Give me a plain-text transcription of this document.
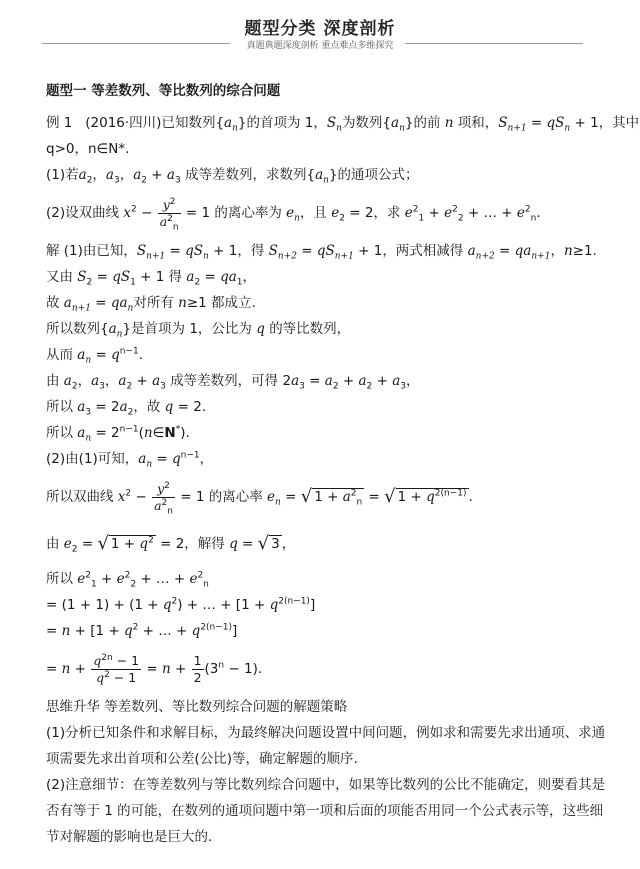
题型分类 深度剖析
真题典题深度剖析 重点难点多维探究
题型一 等差数列、等比数列的综合问题
例 1 (2016·四川)已知数列$\{a_n\}$的首项为 1，$S_n$为数列$\{a_n\}$的前 n 项和，$S_{n+1} = qS_n + 1$，其中
q>0，n∈N*.
(1)若$a_2$，$a_3$，$a_2 + a_3$ 成等差数列，求数列$\{a_n\}$的通项公式；
(2)设双曲线 $x^2 - \frac{y^2}{a^2_n} = 1$ 的离心率为 $e_n$，且 $e_2 = 2$，求 $e^2_1 + e^2_2$ + … + $e^2_n$.
解 (1)由已知，$S_{n+1} = qS_n + 1$，得 $S_{n+2} = qS_{n+1} + 1$，两式相减得 $a_{n+2} = qa_{n+1}$，n≥1.
又由 $S_2 = qS_1 + 1$ 得 $a_2 = qa_1$，
故 $a_{n+1} = qa_n$对所有 n≥1 都成立.
所以数列$\{a_n\}$是首项为 1，公比为 q 的等比数列，
从而 $a_n = q^{n-1}$.
由 $a_2$，$a_3$，$a_2 + a_3$ 成等差数列，可得 $2a_3 = a_2 + a_2 + a_3$，
所以 $a_3 = 2a_2$，故 q = 2.
所以 $a_n$ = $2^{n-1}(n\in N^*)$.
(2)由(1)可知，$a_n = q^{n-1}$，
所以双曲线 $x^2 - \frac{y^2}{a^2_n} = 1$ 的离心率 $e_n$ = √ $1 + a^2_n$ = √ $1 + q^{2(n-1)}$ .
由 $e_2$ = √ $1 + q^2 = 2$，解得 q = √ 3 ，
所以 $e^2_1 + e^2_2$ + … + $e^2_n$
= $(1 + 1) + (1 + q^2)$ + … + $[1 + q^{2(n-1)}]$
= $n + [1 + q^2$ + … + $q^{2(n-1)}$]
= $n + \frac{q^{2n} - 1}{q^2 - 1} = n + \frac{1}{2} (3^n - 1)$.
思维升华 等差数列、等比数列综合问题的解题策略
(1)分析已知条件和求解目标，为最终解决问题设置中间问题，例如求和需要先求出通项、求通项需要先求出首项和公差(公比)等，确定解题的顺序.
(2)注意细节：在等差数列与等比数列综合问题中，如果等比数列的公比不能确定，则要看其是否有等于 1 的可能，在数列的通项问题中第一项和后面的项能否用同一个公式表示等，这些细节对解题的影响也是巨大的.
